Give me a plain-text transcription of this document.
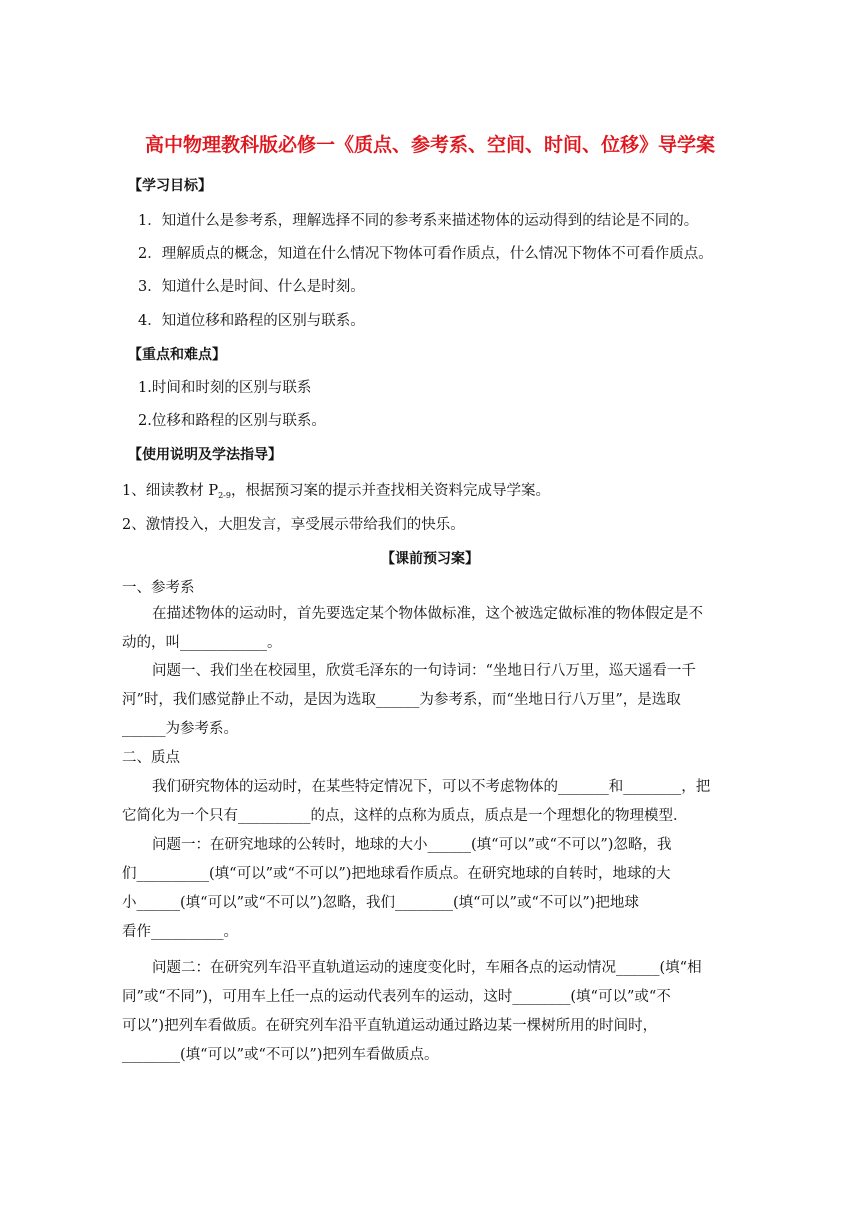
高中物理教科版必修一《质点、参考系、空间、时间、位移》导学案
【学习目标】
1．知道什么是参考系，理解选择不同的参考系来描述物体的运动得到的结论是不同的。
2．理解质点的概念，知道在什么情况下物体可看作质点，什么情况下物体不可看作质点。
3．知道什么是时间、什么是时刻。
4．知道位移和路程的区别与联系。
【重点和难点】
1.时间和时刻的区别与联系
2.位移和路程的区别与联系。
【使用说明及学法指导】
1、细读教材 $P_{2-9}$，根据预习案的提示并查找相关资料完成导学案。
2、激情投入，大胆发言，享受展示带给我们的快乐。
【课前预习案】
一、参考系
在描述物体的运动时，首先要选定某个物体做标准，这个被选定做标准的物体假定是不
动的，叫____________。
问题一、我们坐在校园里，欣赏毛泽东的一句诗词：“坐地日行八万里，巡天遥看一千
河”时，我们感觉静止不动，是因为选取______为参考系，而“坐地日行八万里”，是选取
______为参考系。
二、质点
我们研究物体的运动时，在某些特定情况下，可以不考虑物体的_______和________，把
它简化为一个只有__________的点，这样的点称为质点，质点是一个理想化的物理模型．
问题一：在研究地球的公转时，地球的大小______(填“可以”或“不可以”)忽略，我
们__________(填“可以”或“不可以”)把地球看作质点。在研究地球的自转时，地球的大
小______(填“可以”或“不可以”)忽略，我们________(填“可以”或“不可以”)把地球
看作__________。
问题二：在研究列车沿平直轨道运动的速度变化时，车厢各点的运动情况______(填“相
同”或“不同”)，可用车上任一点的运动代表列车的运动，这时________(填“可以”或“不
可以”)把列车看做质。在研究列车沿平直轨道运动通过路边某一棵树所用的时间时，
________(填“可以”或“不可以”)把列车看做质点。
